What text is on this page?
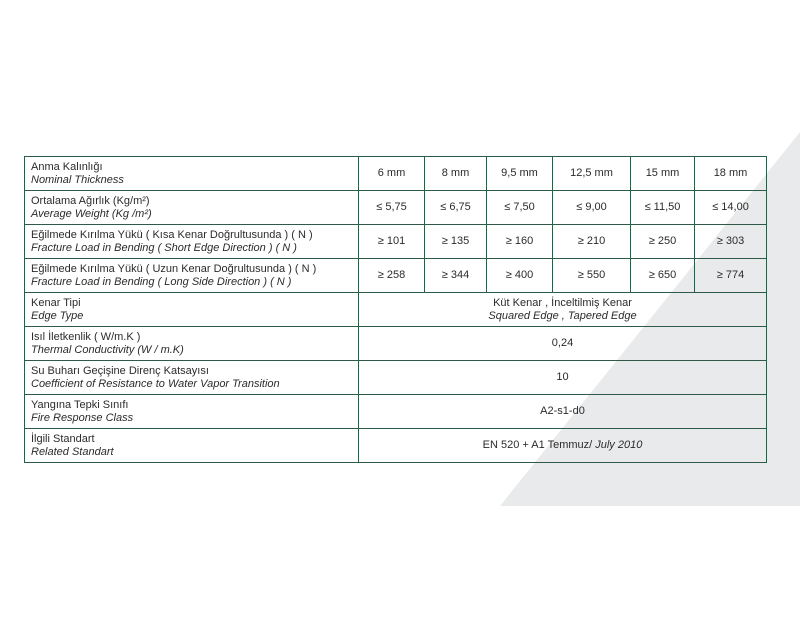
Anma Kalınlığı
Nominal Thickness	6 mm	8 mm	9,5 mm	12,5 mm	15 mm	18 mm

Ortalama Ağırlık (Kg/m²)
Average Weight (Kg /m²)	≤ 5,75	≤ 6,75	≤ 7,50	≤ 9,00	≤ 11,50	≤ 14,00

Eğilmede Kırılma Yükü ( Kısa Kenar Doğrultusunda ) ( N )
Fracture Load in Bending ( Short Edge Direction ) ( N )	≥ 101	≥ 135	≥ 160	≥ 210	≥ 250	≥ 303

Eğilmede Kırılma Yükü ( Uzun Kenar Doğrultusunda ) ( N )
Fracture Load in Bending ( Long Side Direction ) ( N )	≥ 258	≥ 344	≥ 400	≥ 550	≥ 650	≥ 774

Kenar Tipi
Edge Type	Küt Kenar , İnceltilmiş Kenar
Squared Edge , Tapered Edge					

Isıl İletkenlik ( W/m.K )
Thermal Conductivity (W / m.K)	0,24					

Su Buharı Geçişine Direnç Katsayısı
Coefficient of Resistance to Water Vapor Transition	10					

Yangına Tepki Sınıfı
Fire Response Class	A2-s1-d0					

İlgili Standart
Related Standart	EN 520 + A1 Temmuz/ July 2010					
